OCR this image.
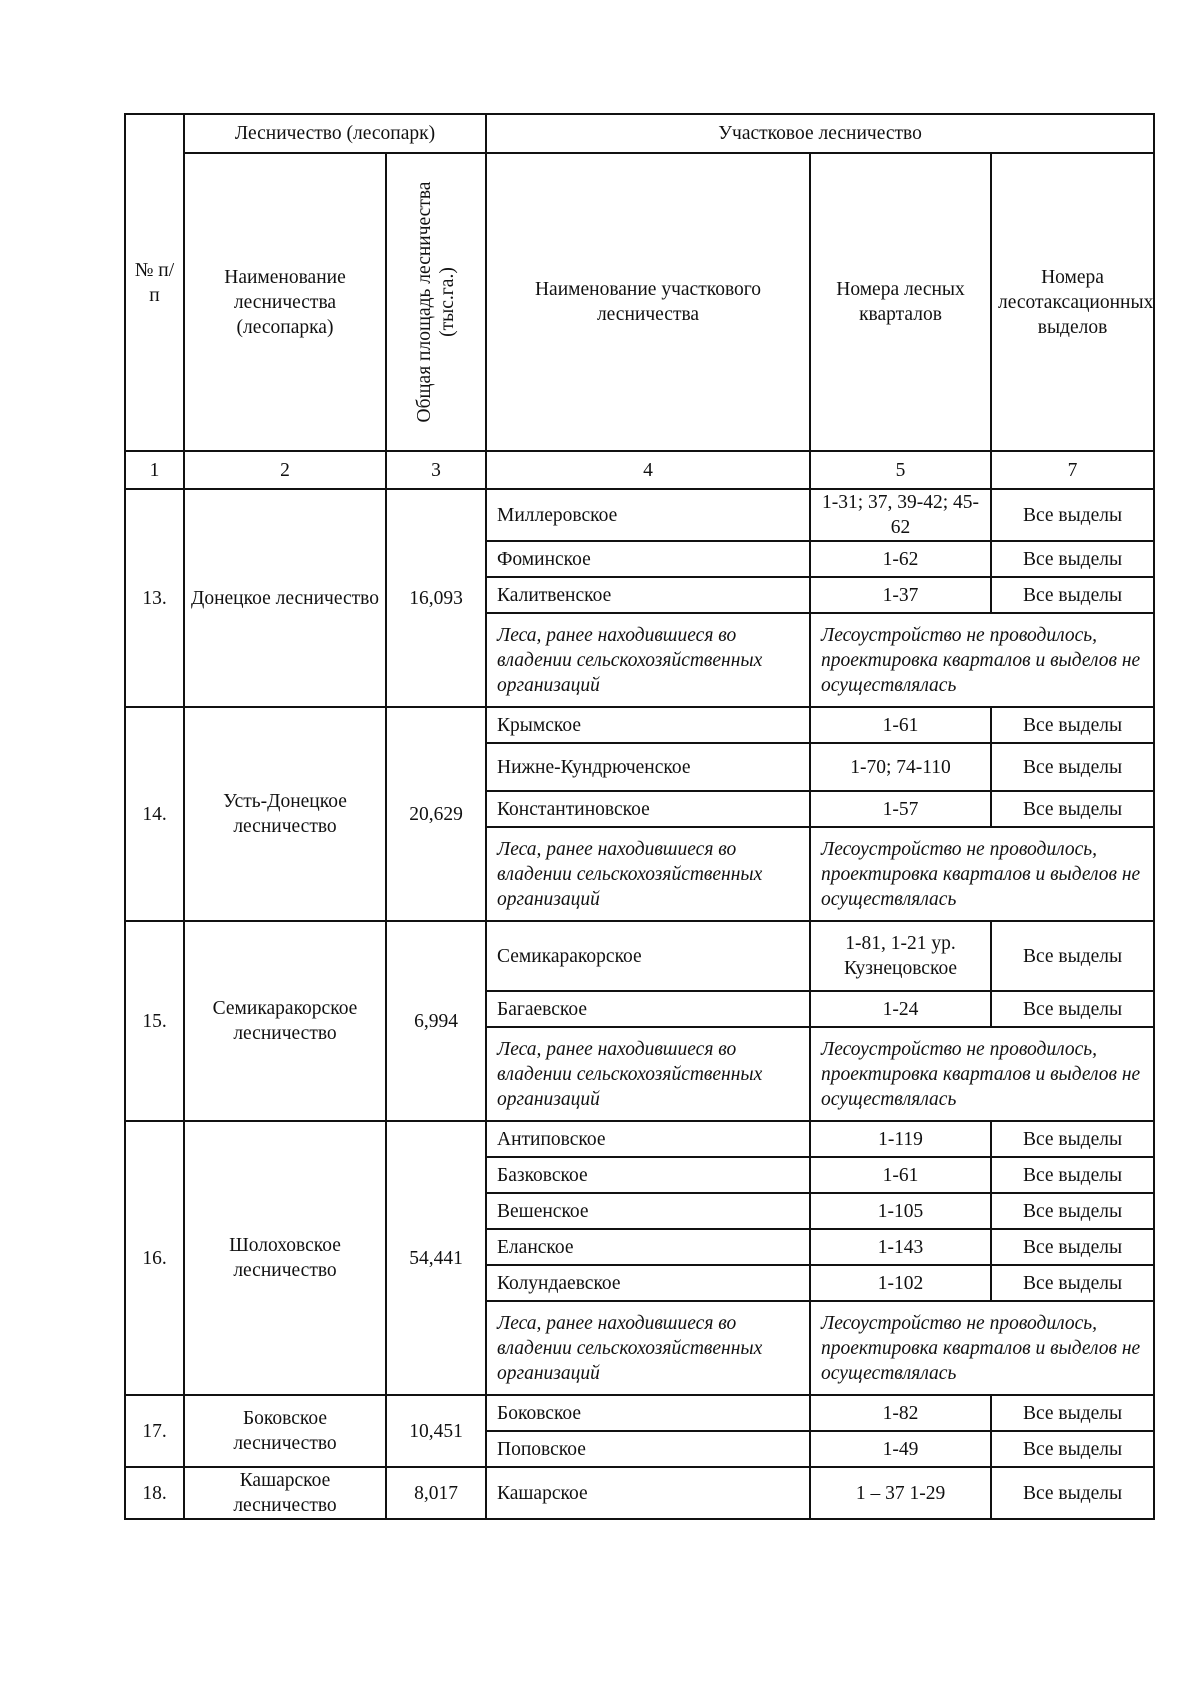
№ п/п	Лесничество (лесопарк)		Участковое лесничество		
	Наименование лесничества (лесопарка)	Общая площадь лесничества (тыс.га.)	Наименование участкового лесничества	Номера лесных кварталов	Номера лесотаксационных выделов
1	2	3	4	5	7
13.	Донецкое лесничество	16,093	Миллеровское	1-31; 37, 39-42; 45-62	Все выделы
			Фоминское	1-62	Все выделы
			Калитвенское	1-37	Все выделы
			Леса, ранее находившиеся во владении сельскохозяйственных организаций	Лесоустройство не проводилось, проектировка кварталов и выделов не осуществлялась	
14.	Усть-Донецкое лесничество	20,629	Крымское	1-61	Все выделы
			Нижне-Кундрюченское	1-70; 74-110	Все выделы
			Константиновское	1-57	Все выделы
			Леса, ранее находившиеся во владении сельскохозяйственных организаций	Лесоустройство не проводилось, проектировка кварталов и выделов не осуществлялась	
15.	Семикаракорское лесничество	6,994	Семикаракорское	1-81, 1-21 ур. Кузнецовское	Все выделы
			Багаевское	1-24	Все выделы
			Леса, ранее находившиеся во владении сельскохозяйственных организаций	Лесоустройство не проводилось, проектировка кварталов и выделов не осуществлялась	
16.	Шолоховское лесничество	54,441	Антиповское	1-119	Все выделы
			Базковское	1-61	Все выделы
			Вешенское	1-105	Все выделы
			Еланское	1-143	Все выделы
			Колундаевское	1-102	Все выделы
			Леса, ранее находившиеся во владении сельскохозяйственных организаций	Лесоустройство не проводилось, проектировка кварталов и выделов не осуществлялась	
17.	Боковское лесничество	10,451	Боковское	1-82	Все выделы
			Поповское	1-49	Все выделы
18.	Кашарское лесничество	8,017	Кашарское	1 – 37 1-29	Все выделы
